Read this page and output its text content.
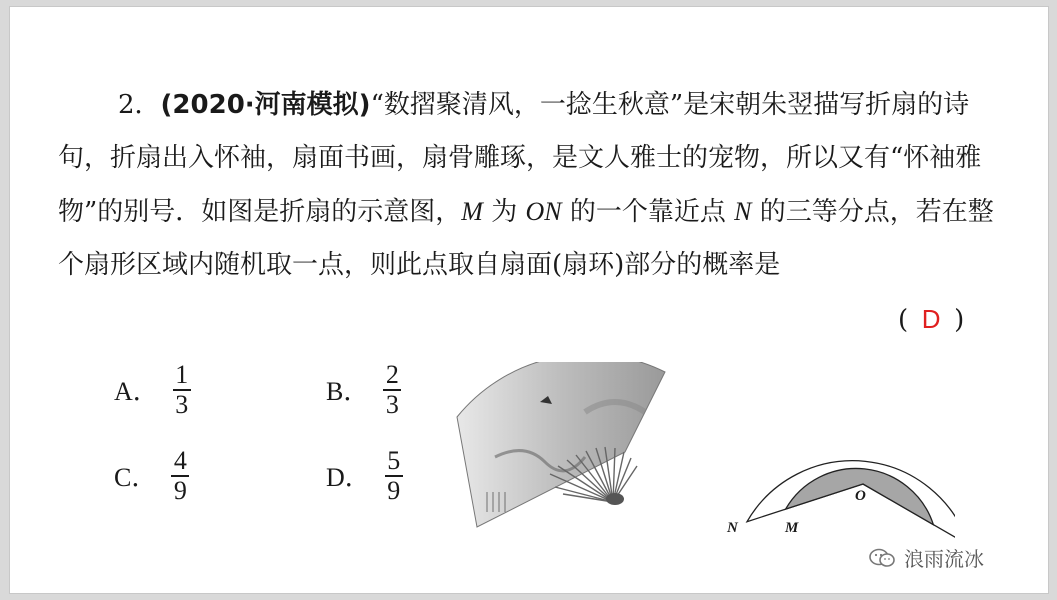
2．(2020·河南模拟)“数摺聚清风，一捻生秋意”是宋朝朱翌描写折扇的诗句，折扇出入怀袖，扇面书画，扇骨雕琢，是文人雅士的宠物，所以又有“怀袖雅物”的别号．如图是折扇的示意图，M 为 ON 的一个靠近点 N 的三等分点，若在整个扇形区域内随机取一点，则此点取自扇面(扇环)部分的概率是

( D )
A． $\frac{1}{3}$	B． $\frac{2}{3}$
C． $\frac{4}{9}$	D． $\frac{5}{9}$
N	M
O
浪雨流冰
